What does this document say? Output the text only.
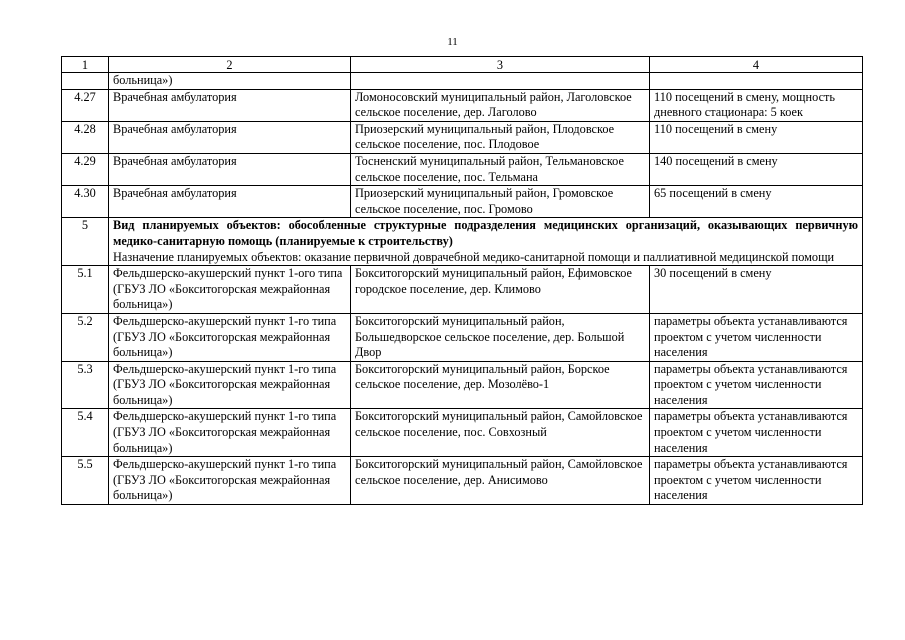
11
1	2	3	4
	больница»)		
4.27	Врачебная амбулатория	Ломоносовский муниципальный район, Лаголовское сельское поселение, дер. Лаголово	110 посещений в смену, мощность дневного стационара: 5 коек
4.28	Врачебная амбулатория	Приозерский муниципальный район, Плодовское сельское поселение, пос. Плодовое	110 посещений в смену
4.29	Врачебная амбулатория	Тосненский муниципальный район, Тельмановское сельское поселение, пос. Тельмана	140 посещений в смену
4.30	Врачебная амбулатория	Приозерский муниципальный район, Громовское сельское поселение, пос. Громово	65 посещений в смену
5	Вид планируемых объектов: обособленные структурные подразделения медицинских организаций, оказывающих первичную медико-санитарную помощь (планируемые к строительству)
Назначение планируемых объектов: оказание первичной доврачебной медико-санитарной помощи и паллиативной медицинской помощи		

5.1	Фельдшерско-акушерский пункт 1-ого типа (ГБУЗ ЛО «Бокситогорская межрайонная больница»)	Бокситогорский муниципальный район, Ефимовское городское поселение, дер. Климово	30 посещений в смену
5.2	Фельдшерско-акушерский пункт 1-го типа (ГБУЗ ЛО «Бокситогорская межрайонная больница»)	Бокситогорский муниципальный район, Большедворское сельское поселение, дер. Большой Двор	параметры объекта устанавливаются проектом с учетом численности населения
5.3	Фельдшерско-акушерский пункт 1-го типа (ГБУЗ ЛО «Бокситогорская межрайонная больница»)	Бокситогорский муниципальный район, Борское сельское поселение, дер. Мозолёво-1	параметры объекта устанавливаются проектом с учетом численности населения
5.4	Фельдшерско-акушерский пункт 1-го типа (ГБУЗ ЛО «Бокситогорская межрайонная больница»)	Бокситогорский муниципальный район, Самойловское сельское поселение, пос. Совхозный	параметры объекта устанавливаются проектом с учетом численности населения
5.5	Фельдшерско-акушерский пункт 1-го типа (ГБУЗ ЛО «Бокситогорская межрайонная больница»)	Бокситогорский муниципальный район, Самойловское сельское поселение, дер. Анисимово	параметры объекта устанавливаются проектом с учетом численности населения
